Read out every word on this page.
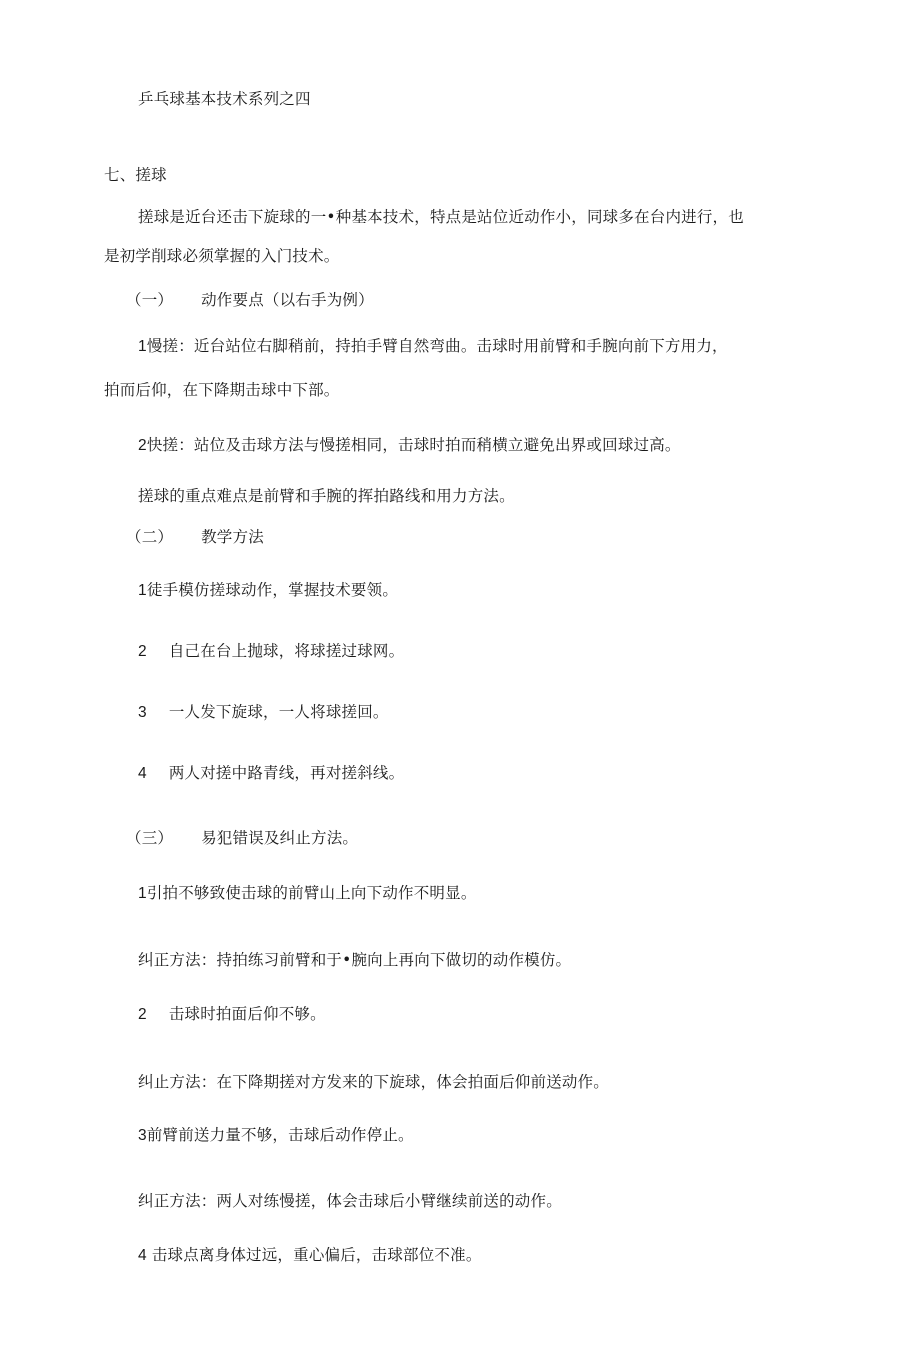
乒乓球基本技术系列之四
七、搓球
搓球是近台还击下旋球的一•种基本技术，特点是站位近动作小，同球多在台内进行，也
是初学削球必须掌握的入门技术。
（一） 动作要点（以右手为例）
1慢搓：近台站位右脚稍前，持拍手臂自然弯曲。击球时用前臂和手腕向前下方用力，
拍而后仰，在下降期击球中下部。
2快搓：站位及击球方法与慢搓相同，击球时拍而稍横立避免出界或回球过高。
搓球的重点难点是前臂和手腕的挥拍路线和用力方法。
（二） 教学方法
1徒手模仿搓球动作，掌握技术要领。
2 自己在台上抛球，将球搓过球网。
3 一人发下旋球，一人将球搓回。
4 两人对搓中路青线，再对搓斜线。
（三） 易犯错误及纠止方法。
1引拍不够致使击球的前臂山上向下动作不明显。
纠正方法：持拍练习前臂和于•腕向上再向下做切的动作模仿。
2 击球时拍面后仰不够。
纠止方法：在下降期搓对方发来的下旋球，体会拍面后仰前送动作。
3前臂前送力量不够，击球后动作停止。
纠正方法：两人对练慢搓，体会击球后小臂继续前送的动作。
4 击球点离身体过远，重心偏后，击球部位不准。
